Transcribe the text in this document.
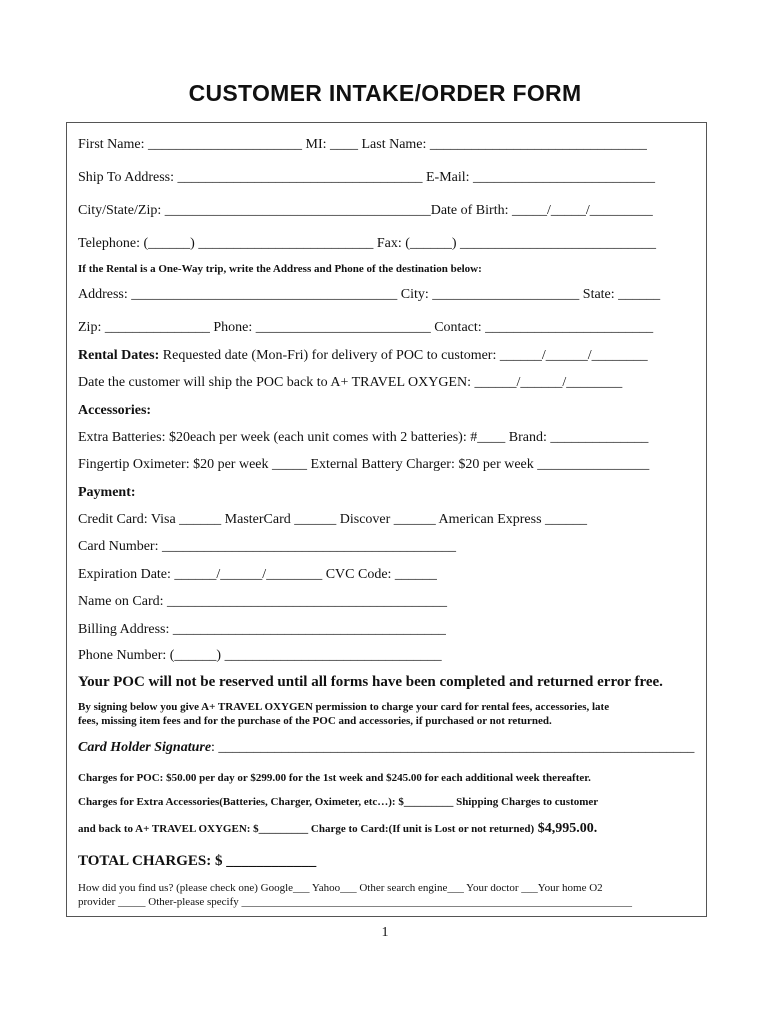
CUSTOMER INTAKE/ORDER FORM
First Name: ______________________ MI: ____ Last Name: _______________________________
Ship To Address: ___________________________________ E-Mail: __________________________
City/State/Zip: ______________________________________Date of Birth: _____/_____/_________
Telephone: (______) _________________________ Fax: (______) ____________________________
If the Rental is a One-Way trip, write the Address and Phone of the destination below:
Address: ______________________________________ City: _____________________ State: ______
Zip: _______________ Phone: _________________________ Contact: ________________________
Rental Dates: Requested date (Mon-Fri) for delivery of POC to customer: ______/______/________
Date the customer will ship the POC back to A+ TRAVEL OXYGEN: ______/______/________
Accessories:
Extra Batteries: $20each per week (each unit comes with 2 batteries): #____ Brand: ______________
Fingertip Oximeter: $20 per week _____ External Battery Charger: $20 per week ________________
Payment:
Credit Card: Visa ______ MasterCard ______ Discover ______ American Express ______
Card Number: __________________________________________
Expiration Date: ______/______/________ CVC Code: ______
Name on Card: ________________________________________
Billing Address: _______________________________________
Phone Number: (______) _______________________________
Your POC will not be reserved until all forms have been completed and returned error free.
By signing below you give A+ TRAVEL OXYGEN permission to charge your card for rental fees, accessories, late
fees, missing item fees and for the purchase of the POC and accessories, if purchased or not returned.
Card Holder Signature: ____________________________________________________________________
Charges for POC: $50.00 per day or $299.00 for the 1st week and $245.00 for each additional week thereafter.
Charges for Extra Accessories(Batteries, Charger, Oximeter, etc…): $_________ Shipping Charges to customer
and back to A+ TRAVEL OXYGEN: $_________ Charge to Card:(If unit is Lost or not returned) $4,995.00.
TOTAL CHARGES: $ ____________
How did you find us? (please check one) Google___ Yahoo___ Other search engine___ Your doctor ___Your home O2
provider _____ Other-please specify _______________________________________________________________________
1
